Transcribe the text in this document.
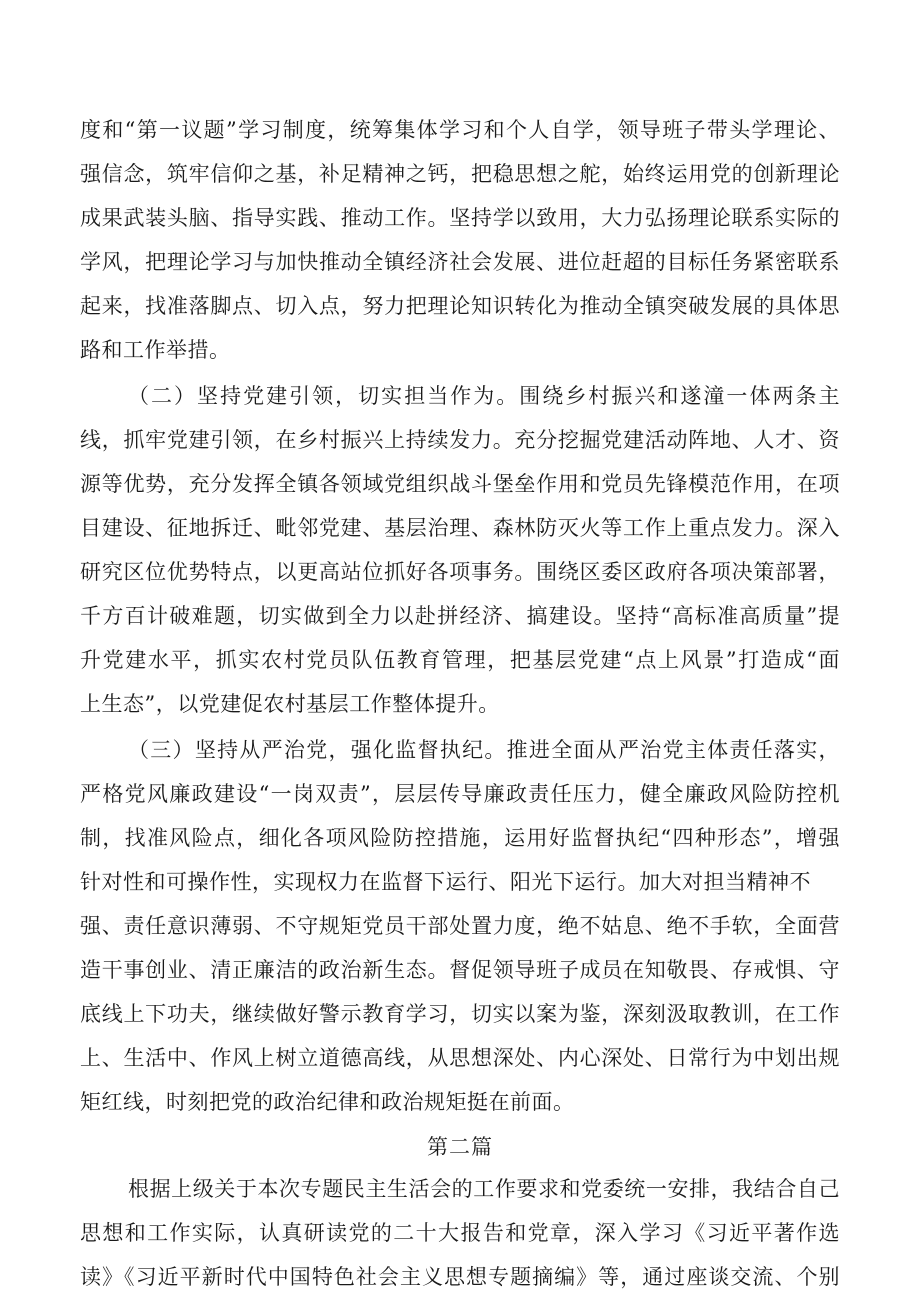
度和“第一议题”学习制度，统筹集体学习和个人自学，领导班子带头学理论、
强信念，筑牢信仰之基，补足精神之钙，把稳思想之舵，始终运用党的创新理论
成果武装头脑、指导实践、推动工作。坚持学以致用，大力弘扬理论联系实际的
学风，把理论学习与加快推动全镇经济社会发展、进位赶超的目标任务紧密联系
起来，找准落脚点、切入点，努力把理论知识转化为推动全镇突破发展的具体思
路和工作举措。
（二）坚持党建引领，切实担当作为。围绕乡村振兴和遂潼一体两条主
线，抓牢党建引领，在乡村振兴上持续发力。充分挖掘党建活动阵地、人才、资
源等优势，充分发挥全镇各领域党组织战斗堡垒作用和党员先锋模范作用，在项
目建设、征地拆迁、毗邻党建、基层治理、森林防灭火等工作上重点发力。深入
研究区位优势特点，以更高站位抓好各项事务。围绕区委区政府各项决策部署，
千方百计破难题，切实做到全力以赴拼经济、搞建设。坚持“高标准高质量”提
升党建水平，抓实农村党员队伍教育管理，把基层党建“点上风景”打造成“面
上生态”，以党建促农村基层工作整体提升。
（三）坚持从严治党，强化监督执纪。推进全面从严治党主体责任落实，
严格党风廉政建设“一岗双责”，层层传导廉政责任压力，健全廉政风险防控机
制，找准风险点，细化各项风险防控措施，运用好监督执纪“四种形态”，增强
针对性和可操作性，实现权力在监督下运行、阳光下运行。加大对担当精神不
强、责任意识薄弱、不守规矩党员干部处置力度，绝不姑息、绝不手软，全面营
造干事创业、清正廉洁的政治新生态。督促领导班子成员在知敬畏、存戒惧、守
底线上下功夫，继续做好警示教育学习，切实以案为鉴，深刻汲取教训，在工作
上、生活中、作风上树立道德高线，从思想深处、内心深处、日常行为中划出规
矩红线，时刻把党的政治纪律和政治规矩挺在前面。
第二篇
根据上级关于本次专题民主生活会的工作要求和党委统一安排，我结合自己
思想和工作实际，认真研读党的二十大报告和党章，深入学习《习近平著作选
读》《习近平新时代中国特色社会主义思想专题摘编》等，通过座谈交流、个别
